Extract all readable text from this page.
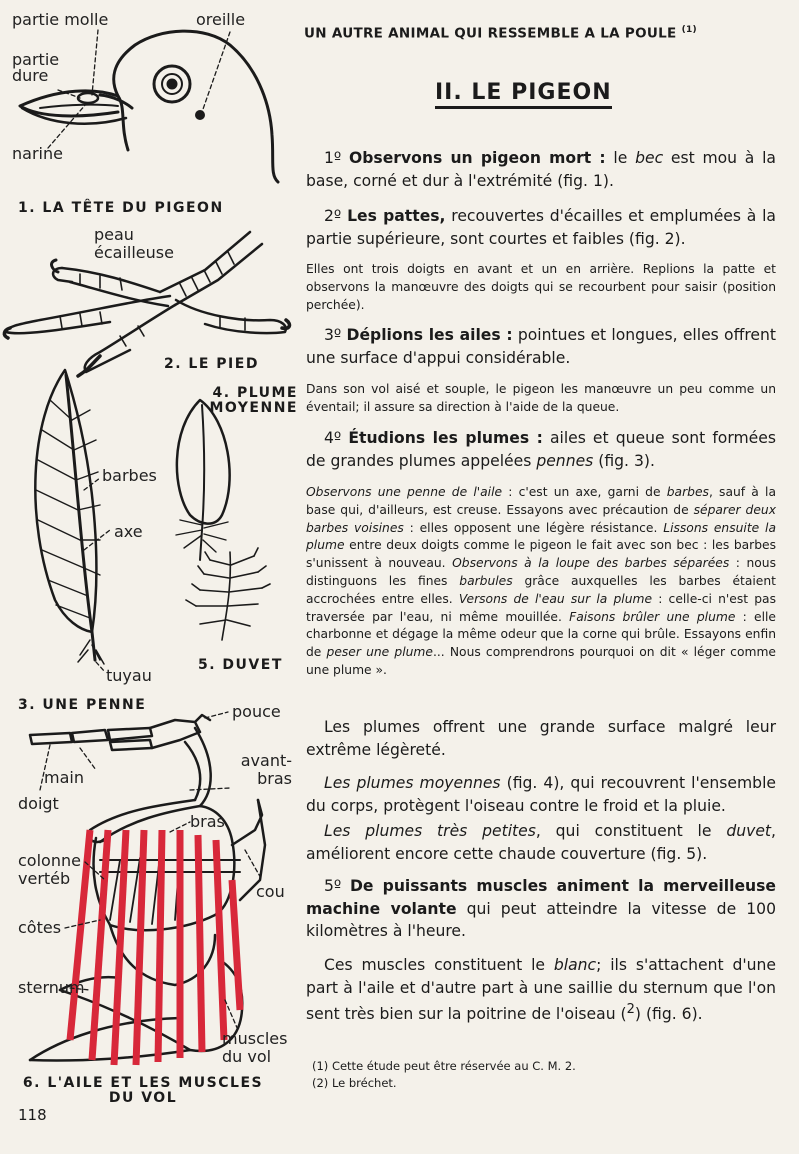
partie molle	oreille
partie dure
narine
1. LA TÊTE DU PIGEON
peau écailleuse
2. LE PIED
4. PLUME MOYENNE
barbes
axe
tuyau
5. DUVET
3. UNE PENNE	pouce
avant-bras
main
doigt
bras
colonne vertéb
cou
côtes
sternum
muscles du vol
6. L'AILE ET LES MUSCLES DU VOL
118
UN AUTRE ANIMAL QUI RESSEMBLE A LA POULE $^{(1)}$
II. LE PIGEON

1º Observons un pigeon mort : le bec est mou à la base, corné et dur à l'extrémité (fig. 1).

2º Les pattes, recouvertes d'écailles et emplumées à la partie supérieure, sont courtes et faibles (fig. 2).

Elles ont trois doigts en avant et un en arrière. Replions la patte et observons la manœuvre des doigts qui se recourbent pour saisir (position perchée).

3º Déplions les ailes : pointues et longues, elles offrent une surface d'appui considérable.

Dans son vol aisé et souple, le pigeon les manœuvre un peu comme un éventail; il assure sa direction à l'aide de la queue.

4º Étudions les plumes : ailes et queue sont formées de grandes plumes appelées pennes (fig. 3).

Observons une penne de l'aile : c'est un axe, garni de barbes, sauf à la base qui, d'ailleurs, est creuse. Essayons avec précaution de séparer deux barbes voisines : elles opposent une légère résistance. Lissons ensuite la plume entre deux doigts comme le pigeon le fait avec son bec : les barbes s'unissent à nouveau. Observons à la loupe des barbes séparées : nous distinguons les fines barbules grâce auxquelles les barbes étaient accrochées entre elles. Versons de l'eau sur la plume : celle-ci n'est pas traversée par l'eau, ni même mouillée. Faisons brûler une plume : elle charbonne et dégage la même odeur que la corne qui brûle. Essayons enfin de peser une plume... Nous comprendrons pourquoi on dit « léger comme une plume ».

Les plumes offrent une grande surface malgré leur extrême légèreté.

Les plumes moyennes (fig. 4), qui recouvrent l'ensemble du corps, protègent l'oiseau contre le froid et la pluie.

Les plumes très petites, qui constituent le duvet, améliorent encore cette chaude couverture (fig. 5).

5º De puissants muscles animent la merveilleuse machine volante qui peut atteindre la vitesse de 100 kilomètres à l'heure.

Ces muscles constituent le blanc; ils s'attachent d'une part à l'aile et d'autre part à une saillie du sternum que l'on sent très bien sur la poitrine de l'oiseau ($^2$) (fig. 6).

(1) Cette étude peut être réservée au C. M. 2.
(2) Le bréchet.
